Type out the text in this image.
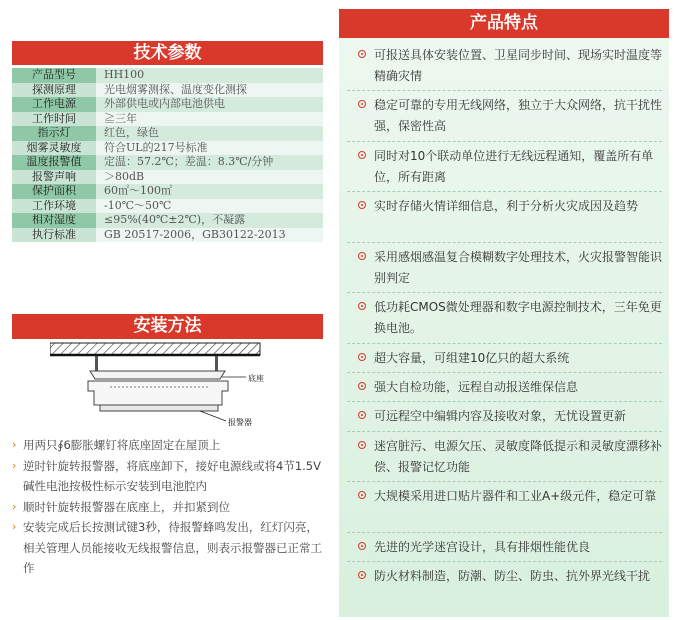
技术参数
产品型号	HH100
探测原理	光电烟雾测探、温度变化测探
工作电源	外部供电或内部电池供电
工作时间	≧三年
指示灯	红色，绿色
烟雾灵敏度	符合UL的217号标准
温度报警值	定温：57.2℃；差温：8.3℃/分钟
报警声响	＞80dB
保护面积	60㎡～100㎡
工作环境	-10℃～50℃
相对湿度	≤95%(40℃±2℃)，不凝露
执行标准	GB 20517-2006，GB30122-2013
安装方法
底座
报警器
› 用两只∮6膨胀螺钉将底座固定在屋顶上
› 逆时针旋转报警器，将底座卸下，接好电源线或将4节1.5V碱性电池按极性标示安装到电池腔内
› 顺时针旋转报警器在底座上，并扣紧到位
› 安装完成后长按测试键3秒，待报警蜂鸣发出，红灯闪亮，相关管理人员能接收无线报警信息，则表示报警器已正常工作
产品特点
可报送具体安装位置、卫星同步时间、现场实时温度等精确灾情
稳定可靠的专用无线网络，独立于大众网络，抗干扰性强，保密性高
同时对10个联动单位进行无线远程通知，覆盖所有单位，所有距离
实时存储火情详细信息，利于分析火灾成因及趋势
采用感烟感温复合模糊数字处理技术，火灾报警智能识别判定
低功耗CMOS微处理器和数字电源控制技术，三年免更换电池。
超大容量，可组建10亿只的超大系统
强大自检功能，远程自动报送维保信息
可远程空中编辑内容及接收对象，无忧设置更新
迷宫脏污、电源欠压、灵敏度降低提示和灵敏度漂移补偿、报警记忆功能
大规模采用进口贴片器件和工业A+级元件，稳定可靠
先进的光学迷宫设计，具有排烟性能优良
防火材料制造，防潮、防尘、防虫、抗外界光线干扰
